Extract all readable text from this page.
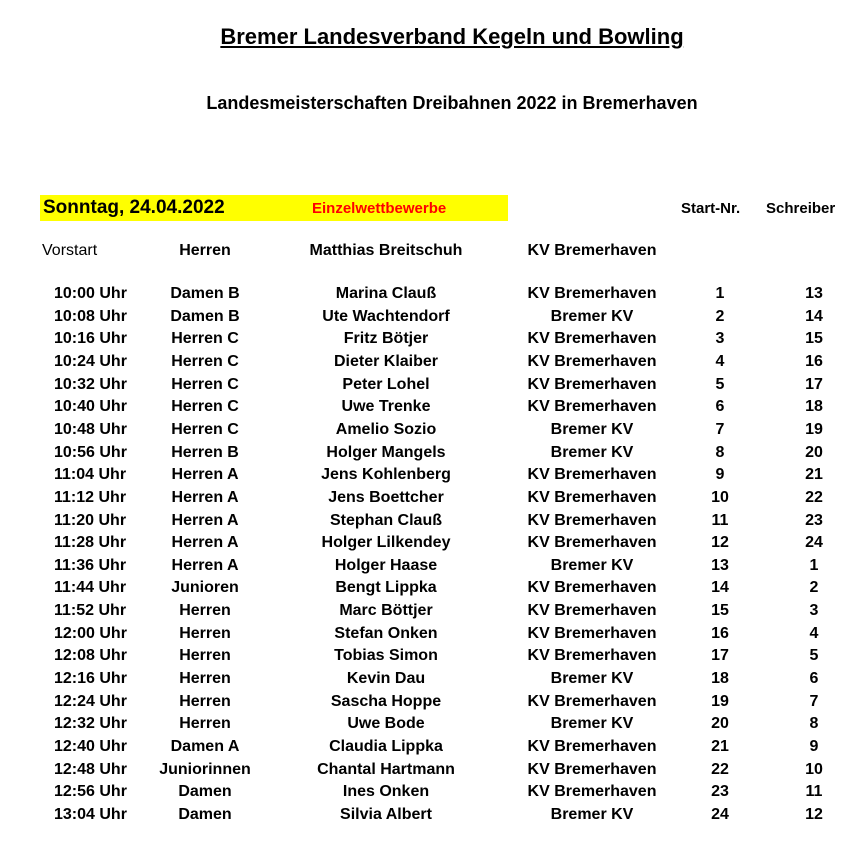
Bremer Landesverband Kegeln und Bowling
Landesmeisterschaften Dreibahnen 2022 in Bremerhaven
Sonntag, 24.04.2022	Einzelwettbewerbe	Start-Nr. Schreiber
Vorstart	Herren	Matthias Breitschuh	KV Bremerhaven
10:00 Uhr	Damen B	Marina Clauß	KV Bremerhaven	1	13
10:08 Uhr	Damen B	Ute Wachtendorf	Bremer KV	2	14
10:16 Uhr	Herren C	Fritz Bötjer	KV Bremerhaven	3	15
10:24 Uhr	Herren C	Dieter Klaiber	KV Bremerhaven	4	16
10:32 Uhr	Herren C	Peter Lohel	KV Bremerhaven	5	17
10:40 Uhr	Herren C	Uwe Trenke	KV Bremerhaven	6	18
10:48 Uhr	Herren C	Amelio Sozio	Bremer KV	7	19
10:56 Uhr	Herren B	Holger Mangels	Bremer KV	8	20
11:04 Uhr	Herren A	Jens Kohlenberg	KV Bremerhaven	9	21
11:12 Uhr	Herren A	Jens Boettcher	KV Bremerhaven	10	22
11:20 Uhr	Herren A	Stephan Clauß	KV Bremerhaven	11	23
11:28 Uhr	Herren A	Holger Lilkendey	KV Bremerhaven	12	24
11:36 Uhr	Herren A	Holger Haase	Bremer KV	13	1
11:44 Uhr	Junioren	Bengt Lippka	KV Bremerhaven	14	2
11:52 Uhr	Herren	Marc Böttjer	KV Bremerhaven	15	3
12:00 Uhr	Herren	Stefan Onken	KV Bremerhaven	16	4
12:08 Uhr	Herren	Tobias Simon	KV Bremerhaven	17	5
12:16 Uhr	Herren	Kevin Dau	Bremer KV	18	6
12:24 Uhr	Herren	Sascha Hoppe	KV Bremerhaven	19	7
12:32 Uhr	Herren	Uwe Bode	Bremer KV	20	8
12:40 Uhr	Damen A	Claudia Lippka	KV Bremerhaven	21	9
12:48 Uhr Juniorinnen	Chantal Hartmann	KV Bremerhaven	22	10
12:56 Uhr	Damen	Ines Onken	KV Bremerhaven	23	11
13:04 Uhr	Damen	Silvia Albert	Bremer KV	24	12
